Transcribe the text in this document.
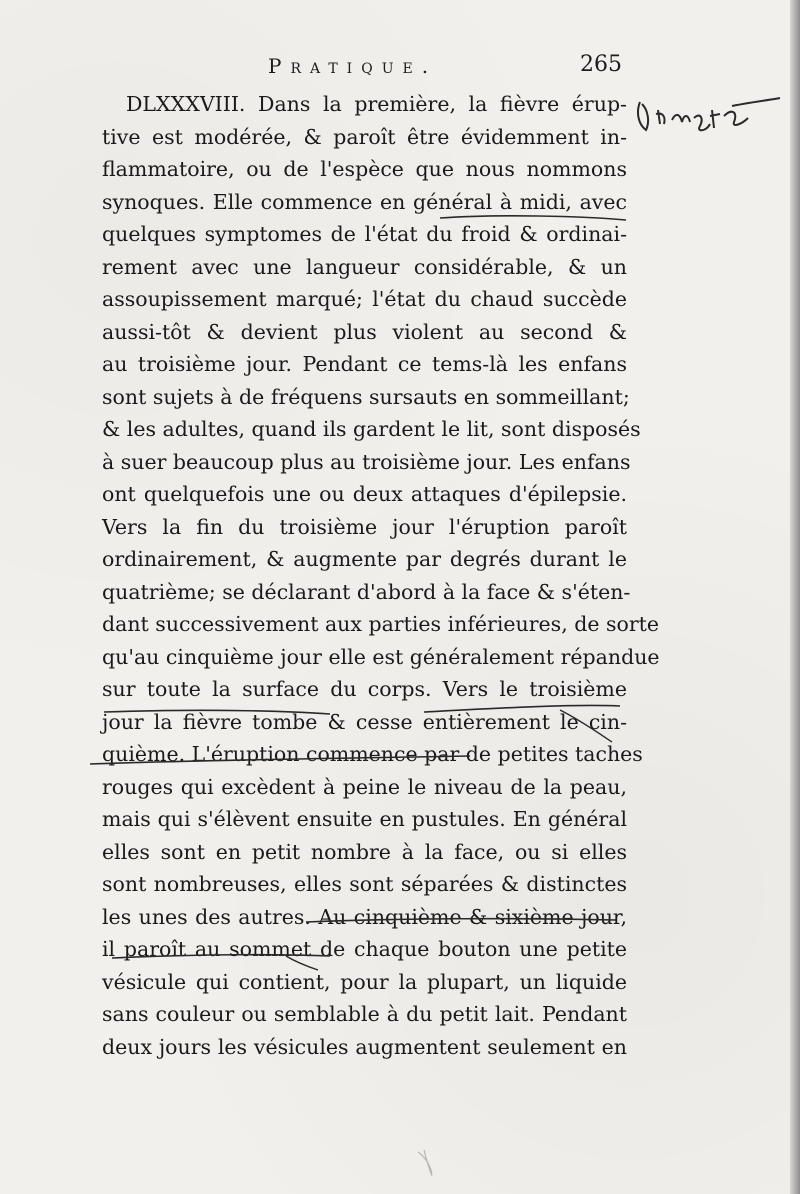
Pratique.	265
DLXXXVIII. Dans la première, la fièvre érup-
tive est modérée, & paroît être évidemment in-
flammatoire, ou de l'espèce que nous nommons
synoques. Elle commence en général à midi, avec
quelques symptomes de l'état du froid & ordinai-
rement avec une langueur considérable, & un
assoupissement marqué; l'état du chaud succède
aussi-tôt & devient plus violent au second &
au troisième jour. Pendant ce tems-là les enfans
sont sujets à de fréquens sursauts en sommeillant;
& les adultes, quand ils gardent le lit, sont disposés
à suer beaucoup plus au troisième jour. Les enfans
ont quelquefois une ou deux attaques d'épilepsie.
Vers la fin du troisième jour l'éruption paroît
ordinairement, & augmente par degrés durant le
quatrième; se déclarant d'abord à la face & s'éten-
dant successivement aux parties inférieures, de sorte
qu'au cinquième jour elle est généralement répandue
sur toute la surface du corps. Vers le troisième
jour la fièvre tombe & cesse entièrement le cin-
quième. L'éruption commence par de petites taches
rouges qui excèdent à peine le niveau de la peau,
mais qui s'élèvent ensuite en pustules. En général
elles sont en petit nombre à la face, ou si elles
sont nombreuses, elles sont séparées & distinctes
les unes des autres. Au cinquième & sixième jour,
il paroît au sommet de chaque bouton une petite
vésicule qui contient, pour la plupart, un liquide
sans couleur ou semblable à du petit lait. Pendant
deux jours les vésicules augmentent seulement en
